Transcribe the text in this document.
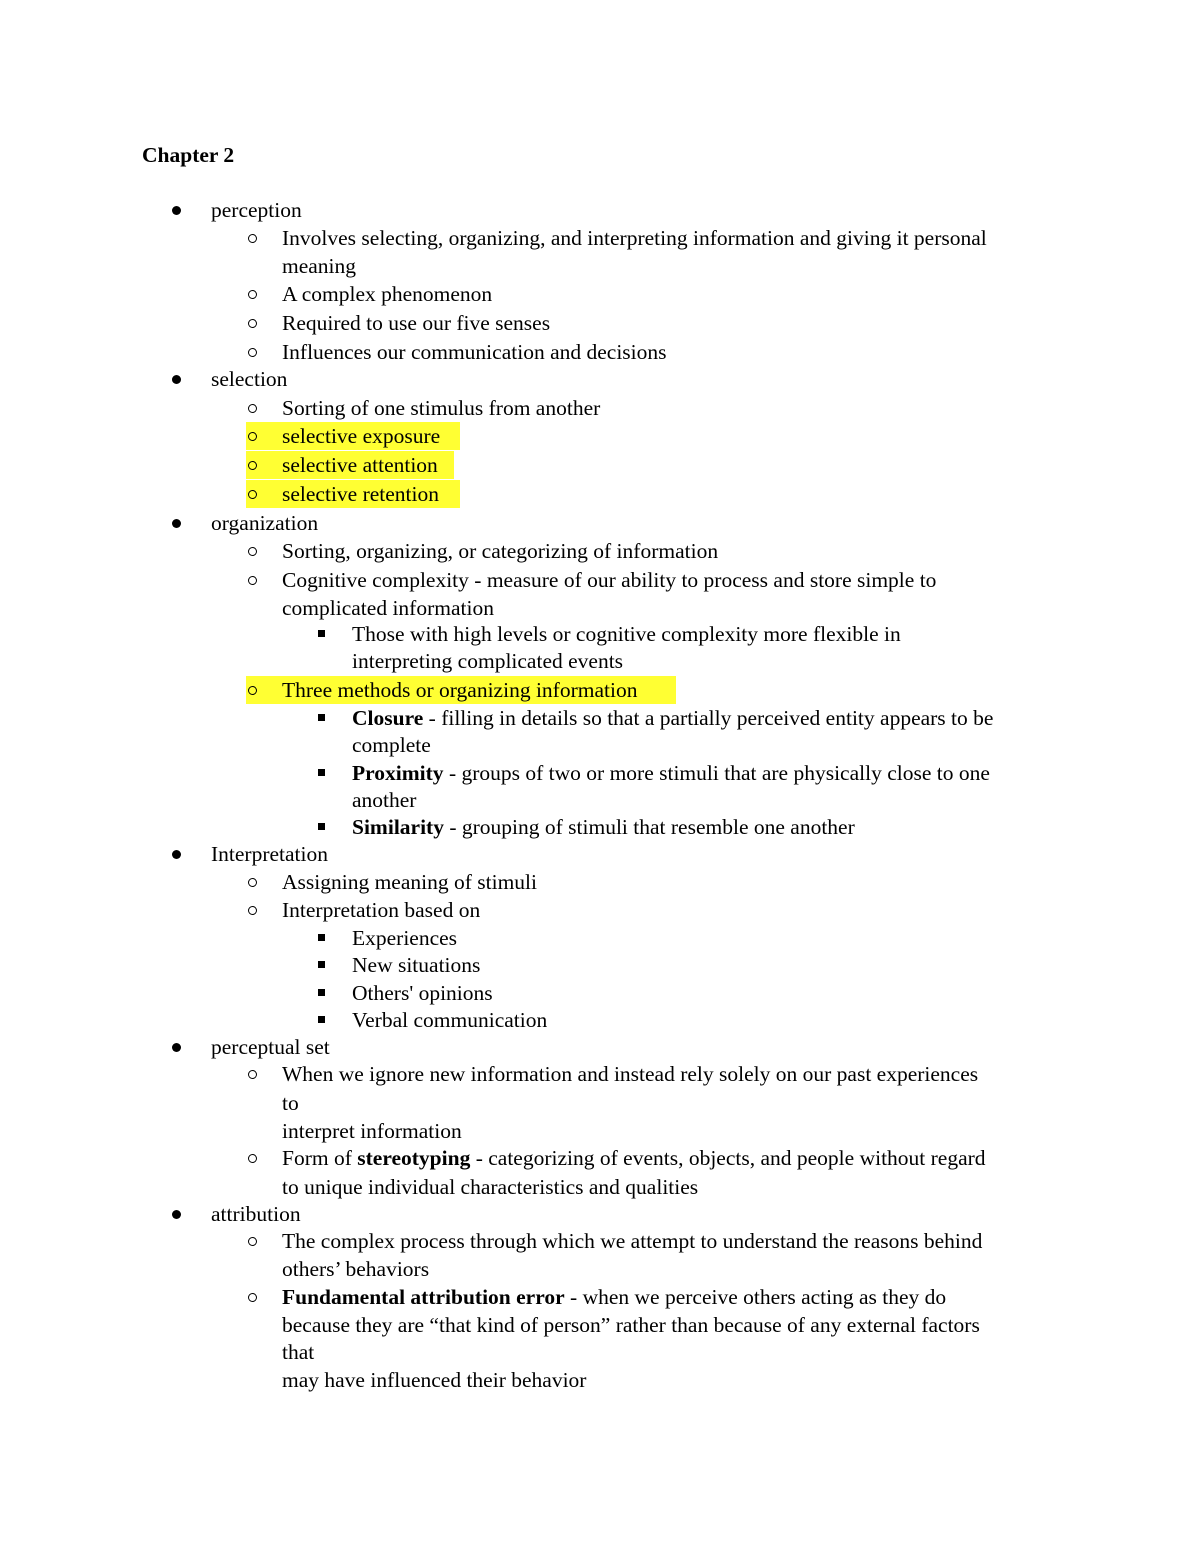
Chapter 2
perception
Involves selecting, organizing, and interpreting information and giving it personal
meaning
A complex phenomenon
Required to use our five senses
Influences our communication and decisions
selection
Sorting of one stimulus from another
selective exposure
selective attention
selective retention
organization
Sorting, organizing, or categorizing of information
Cognitive complexity - measure of our ability to process and store simple to
complicated information
Those with high levels or cognitive complexity more flexible in
interpreting complicated events
Three methods or organizing information
Closure - filling in details so that a partially perceived entity appears to be
complete
Proximity - groups of two or more stimuli that are physically close to one
another
Similarity - grouping of stimuli that resemble one another
Interpretation
Assigning meaning of stimuli
Interpretation based on
Experiences
New situations
Others' opinions
Verbal communication
perceptual set
When we ignore new information and instead rely solely on our past experiences
to
interpret information
Form of stereotyping - categorizing of events, objects, and people without regard
to unique individual characteristics and qualities
attribution
The complex process through which we attempt to understand the reasons behind
others’ behaviors
Fundamental attribution error - when we perceive others acting as they do
because they are “that kind of person” rather than because of any external factors
that
may have influenced their behavior
